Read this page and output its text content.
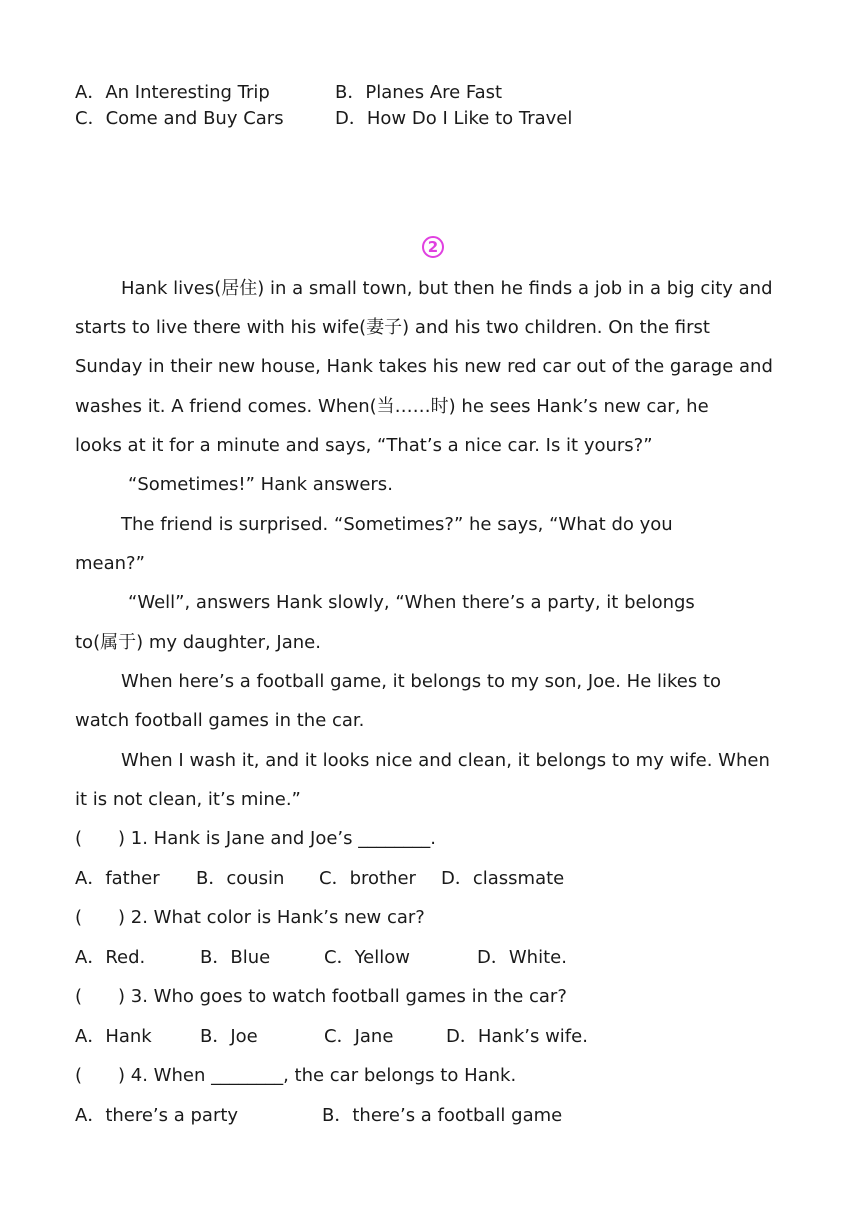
A．An Interesting Trip	B．Planes Are Fast
C．Come and Buy Cars	D．How Do I Like to Travel
2
Hank lives(居住) in a small town, but then he finds a job in a big city and
starts to live there with his wife(妻子) and his two children. On the first
Sunday in their new house, Hank takes his new red car out of the garage and
washes it. A friend comes. When(当……时) he sees Hank’s new car, he
looks at it for a minute and says, “That’s a nice car. Is it yours?”
“Sometimes!” Hank answers.
The friend is surprised. “Sometimes?” he says, “What do you
mean?”
“Well”, answers Hank slowly, “When there’s a party, it belongs
to(属于) my daughter, Jane.
When here’s a football game, it belongs to my son, Joe. He likes to
watch football games in the car.
When I wash it, and it looks nice and clean, it belongs to my wife. When
it is not clean, it’s mine.”
(　　) 1. Hank is Jane and Joe’s ________.
A．father B．cousin C．brother D．classmate
(　　) 2. What color is Hank’s new car?
A．Red.	B．Blue	C．Yellow	D．White.
(　　) 3. Who goes to watch football games in the car?
A．Hank	B．Joe	C．Jane	D．Hank’s wife.
(　　) 4. When ________, the car belongs to Hank.
A．there’s a party	B．there’s a football game
